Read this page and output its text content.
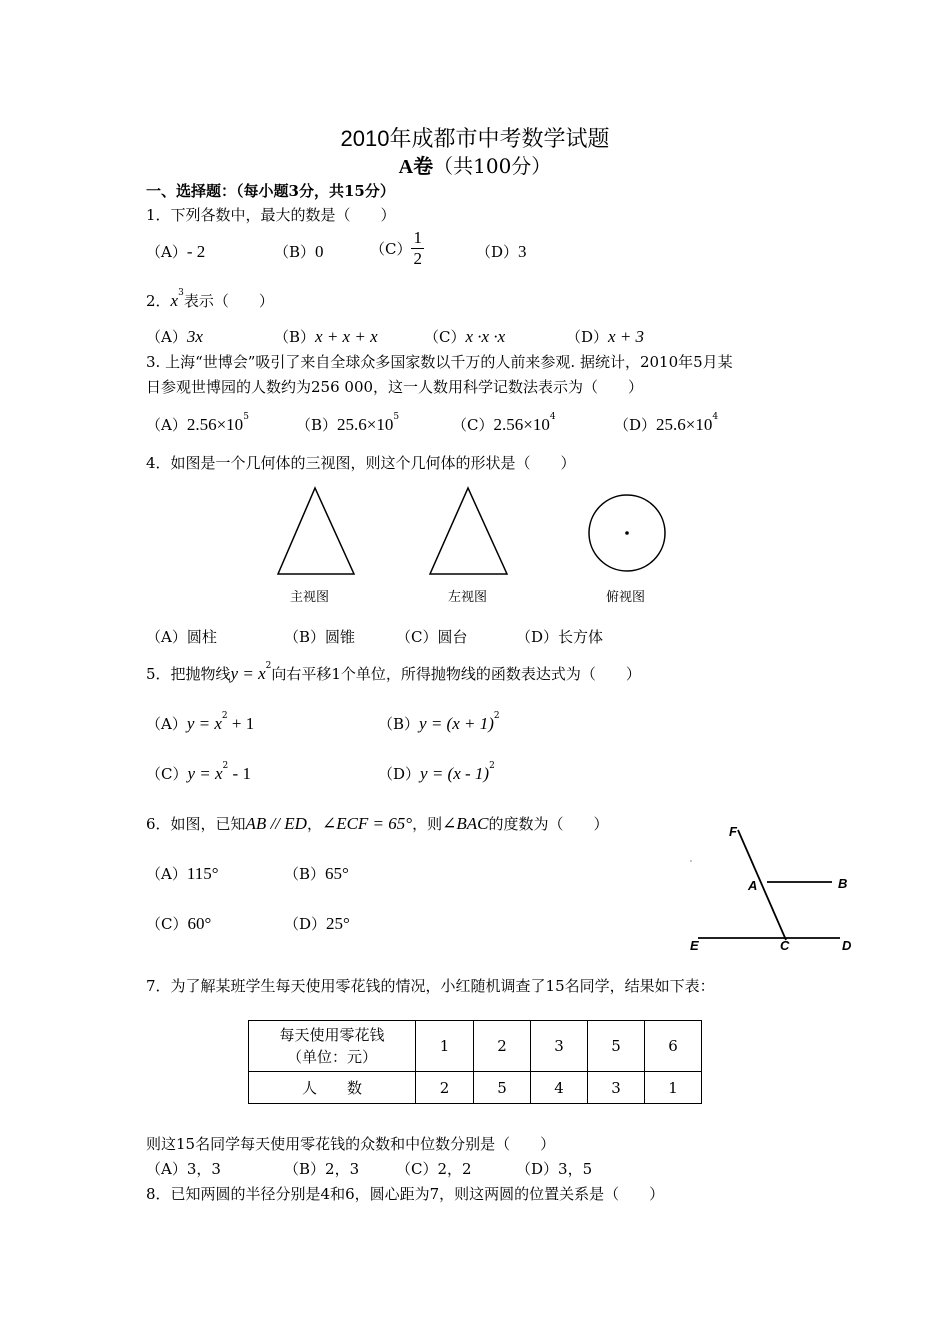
2010年成都市中考数学试题
A卷（共100分）
一、选择题：（每小题3分，共15分）
1．下列各数中，最大的数是（　　）
（A）- 2	（B）0	$(C) \frac{1}{2}$	（D）3
2．$x^3$表示（　　）
（A）3x	（B）x + x + x	（C）x ·x ·x	（D）x + 3
3. 上海“世博会”吸引了来自全球众多国家数以千万的人前来参观. 据统计，2010年5月某
日参观世博园的人数约为256 000，这一人数用科学记数法表示为（　　）
$(A)2.56\times 10^5$	$(B)25.6\times 10^5$	$(C)2.56\times 10^4$	$(D)25.6\times 10^4$
4．如图是一个几何体的三视图，则这个几何体的形状是（　　）
主视图	左视图	俯视图
（A）圆柱	（B）圆锥	（C）圆台	（D）长方体
5．把抛物线$y = x^2$向右平移1个单位，所得抛物线的函数表达式为（　　）
$(A)y = x^2 + 1$	$(B)y = (x + 1)^2$
$(C)y = x^2 - 1$	（D）y = (x - 1)$^2$
6．如图，已知AB // ED，∠ECF = 65°，则∠BAC的度数为（　　）
（A）115°	（B）65°
（C）60°	（D）25°
F
A	B
E	C	D
7．为了解某班学生每天使用零花钱的情况，小红随机调查了15名同学，结果如下表：
每天使用零花钱
（单位：元）	1	2	3	5	6
人　　数	2	5	4	3	1
则这15名同学每天使用零花钱的众数和中位数分别是（　　）
（A）3，3	（B）2，3 （C）2，2	（D）3，5
8．已知两圆的半径分别是4和6，圆心距为7，则这两圆的位置关系是（　　）
